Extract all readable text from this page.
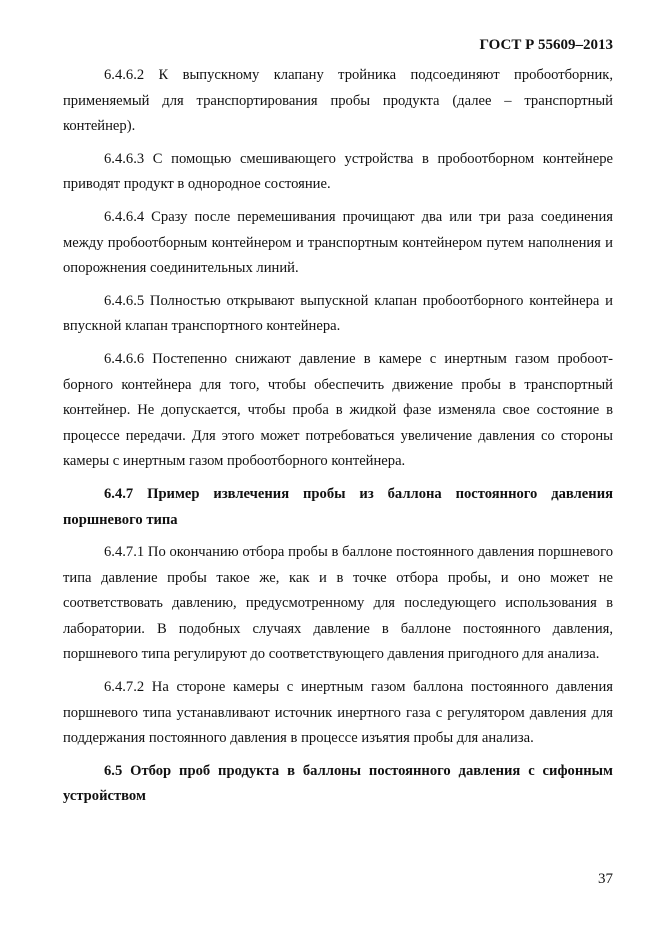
ГОСТ Р 55609–2013

6.4.6.2 К выпускному клапану тройника подсоединяют пробоотборник, применяемый для транспортирования пробы продукта (далее – транспортный контейнер).

6.4.6.3 С помощью смешивающего устройства в пробоотборном контейнере приводят продукт в однородное состояние.

6.4.6.4 Сразу после перемешивания прочищают два или три раза соединения между пробоотборным контейнером и транспортным контейнером путем наполнения и опорожнения соединительных линий.

6.4.6.5 Полностью открывают выпускной клапан пробоотборного контейнера и впускной клапан транспортного контейнера.

6.4.6.6 Постепенно снижают давление в камере с инертным газом пробоотборного контейнера для того, чтобы обеспечить движение пробы в транспортный контейнер. Не допускается, чтобы проба в жидкой фазе изменяла свое состояние в процессе передачи. Для этого может потребоваться увеличение давления со стороны камеры с инертным газом пробоотборного контейнера.

6.4.7 Пример извлечения пробы из баллона постоянного давления поршневого типа

6.4.7.1 По окончанию отбора пробы в баллоне постоянного давления поршневого типа давление пробы такое же, как и в точке отбора пробы, и оно может не соответствовать давлению, предусмотренному для последующего использования в лаборатории. В подобных случаях давление в баллоне постоянного давления, поршневого типа регулируют до соответствующего давления пригодного для анализа.

6.4.7.2 На стороне камеры с инертным газом баллона постоянного давления поршневого типа устанавливают источник инертного газа с регулятором давления для поддержания постоянного давления в процессе изъятия пробы для анализа.

6.5 Отбор проб продукта в баллоны постоянного давления с сифонным устройством

37
